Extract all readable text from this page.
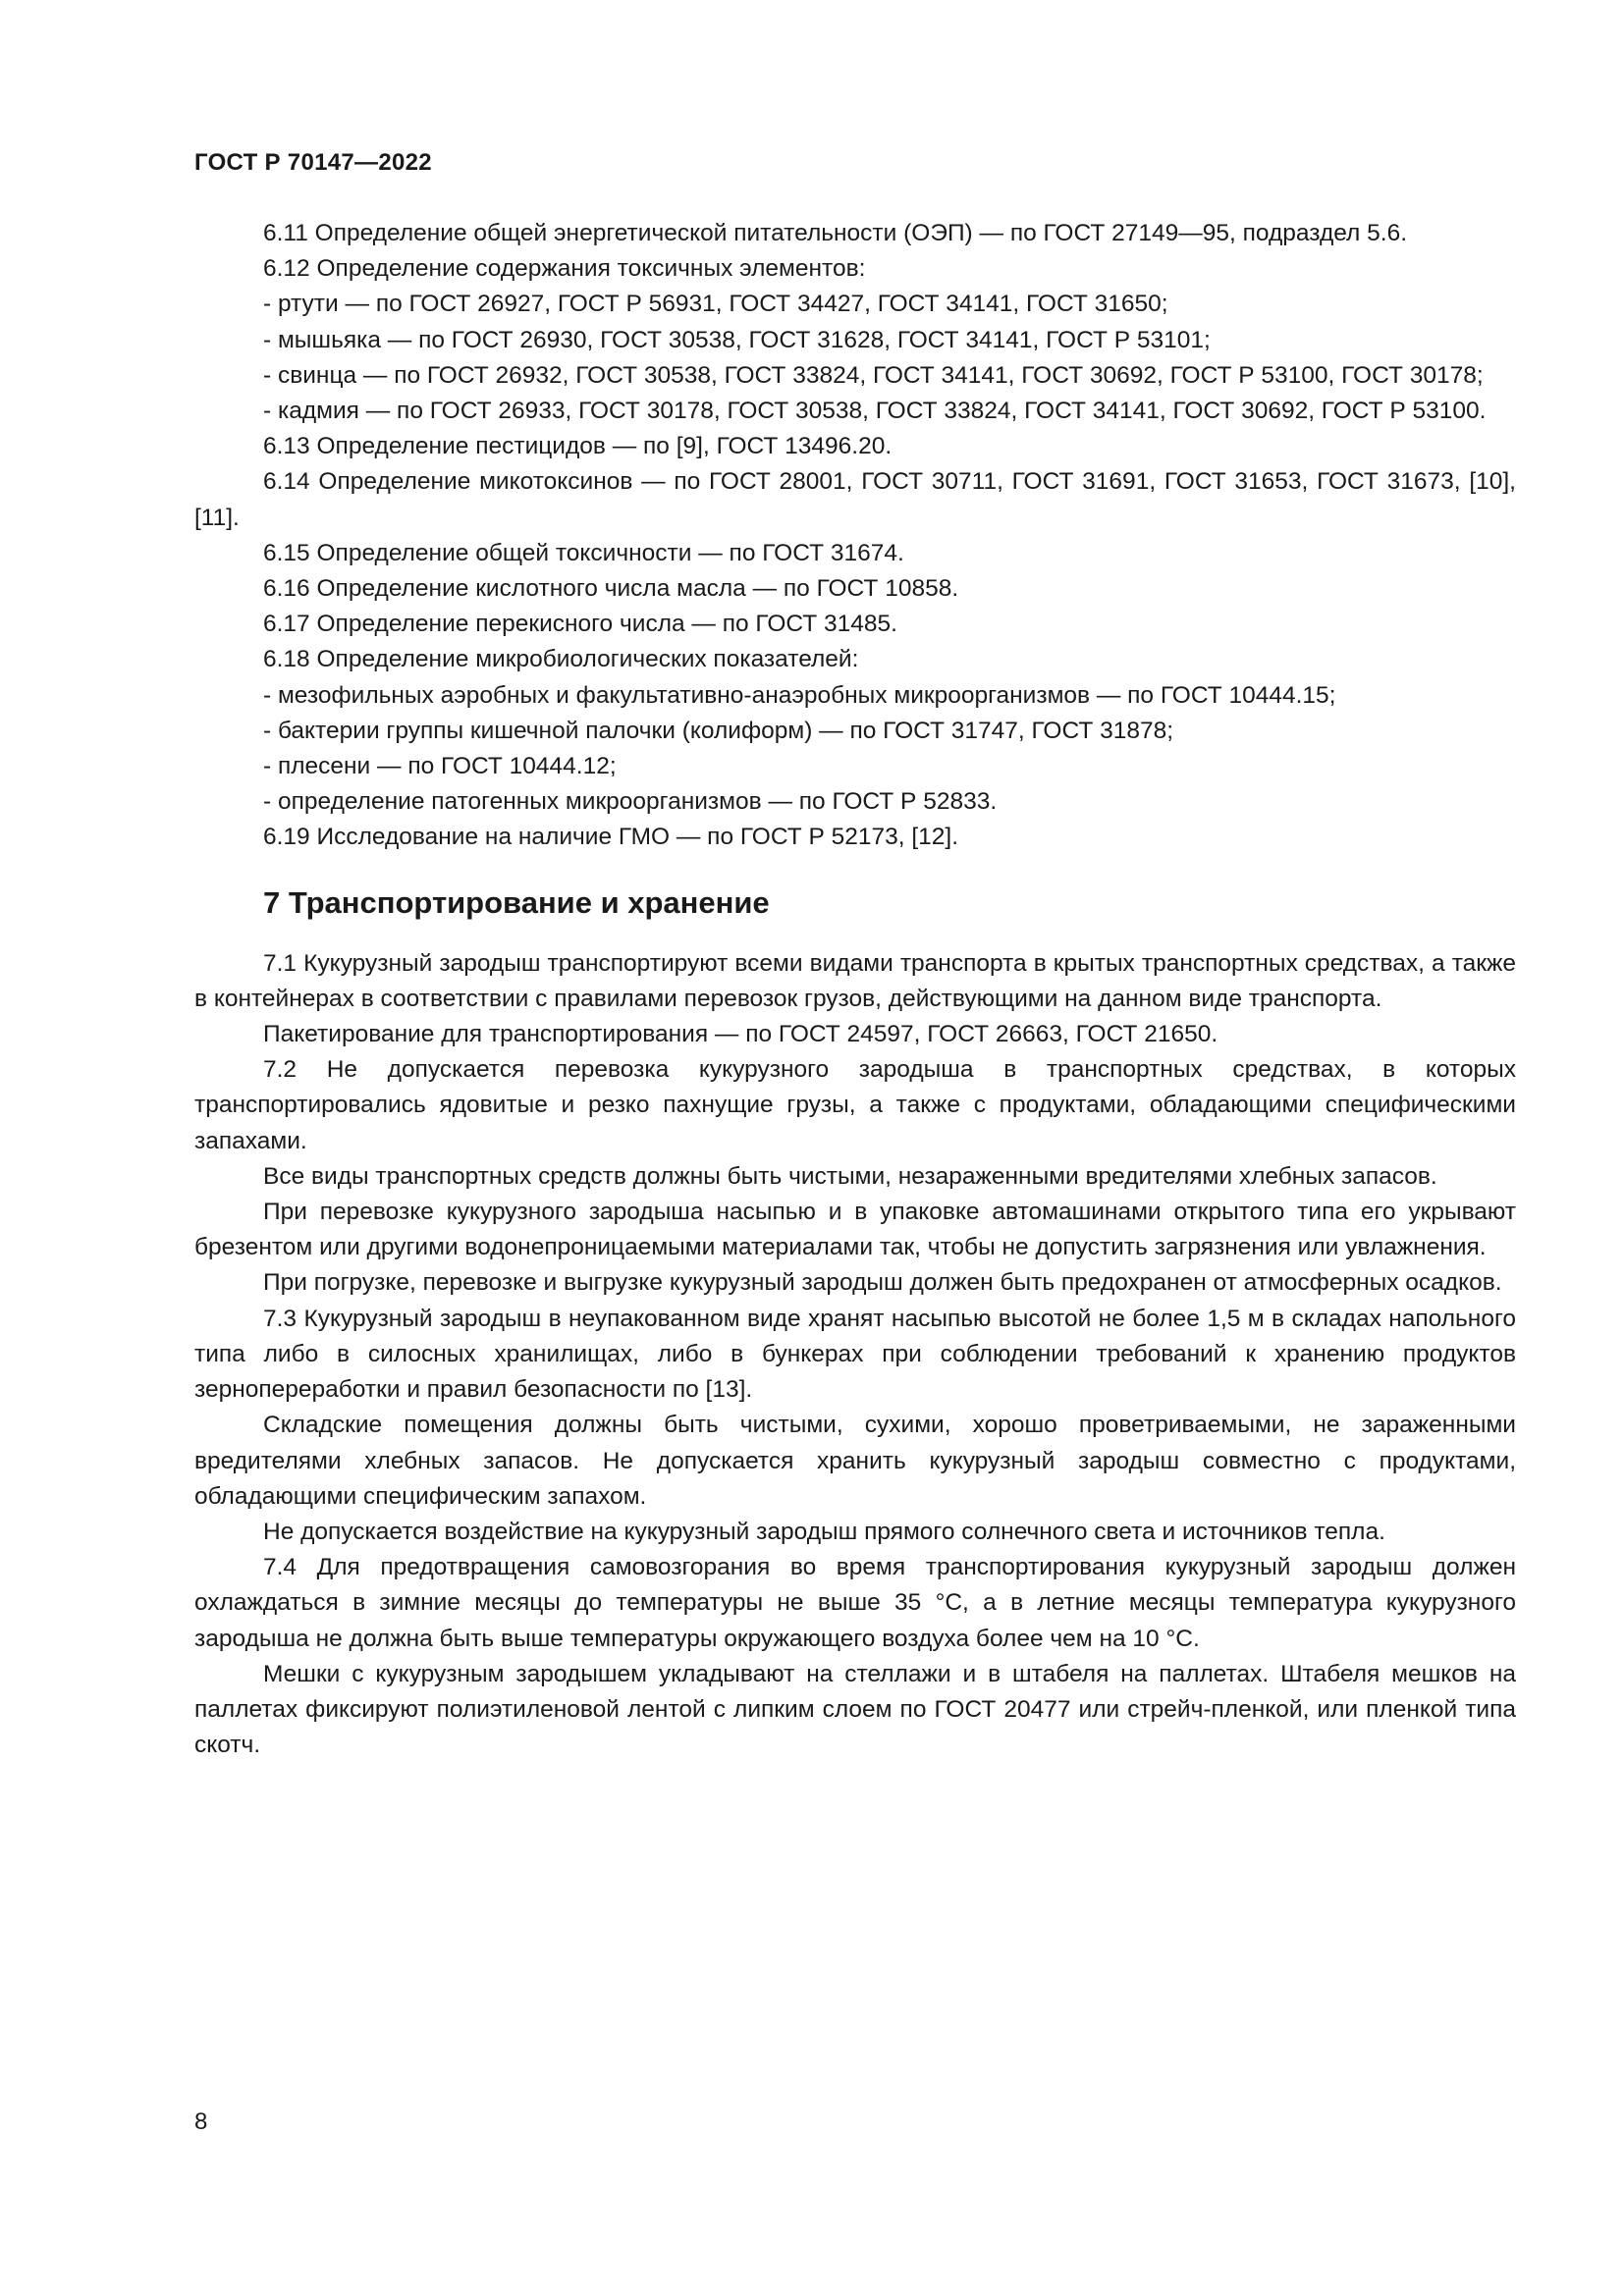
ГОСТ Р 70147—2022

6.11 Определение общей энергетической питательности (ОЭП) — по ГОСТ 27149—95, подраздел 5.6.

6.12 Определение содержания токсичных элементов:

- ртути — по ГОСТ 26927, ГОСТ Р 56931, ГОСТ 34427, ГОСТ 34141, ГОСТ 31650;

- мышьяка — по ГОСТ 26930, ГОСТ 30538, ГОСТ 31628, ГОСТ 34141, ГОСТ Р 53101;

- свинца — по ГОСТ 26932, ГОСТ 30538, ГОСТ 33824, ГОСТ 34141, ГОСТ 30692, ГОСТ Р 53100, ГОСТ 30178;

- кадмия — по ГОСТ 26933, ГОСТ 30178, ГОСТ 30538, ГОСТ 33824, ГОСТ 34141, ГОСТ 30692, ГОСТ Р 53100.

6.13 Определение пестицидов — по [9], ГОСТ 13496.20.

6.14 Определение микотоксинов — по ГОСТ 28001, ГОСТ 30711, ГОСТ 31691, ГОСТ 31653, ГОСТ 31673, [10], [11].

6.15 Определение общей токсичности — по ГОСТ 31674.

6.16 Определение кислотного числа масла — по ГОСТ 10858.

6.17 Определение перекисного числа — по ГОСТ 31485.

6.18 Определение микробиологических показателей:

- мезофильных аэробных и факультативно-анаэробных микроорганизмов — по ГОСТ 10444.15;

- бактерии группы кишечной палочки (колиформ) — по ГОСТ 31747, ГОСТ 31878;

- плесени — по ГОСТ 10444.12;

- определение патогенных микроорганизмов — по ГОСТ Р 52833.

6.19 Исследование на наличие ГМО — по ГОСТ Р 52173, [12].

7 Транспортирование и хранение

7.1 Кукурузный зародыш транспортируют всеми видами транспорта в крытых транспортных средствах, а также в контейнерах в соответствии с правилами перевозок грузов, действующими на данном виде транспорта.

Пакетирование для транспортирования — по ГОСТ 24597, ГОСТ 26663, ГОСТ 21650.

7.2 Не допускается перевозка кукурузного зародыша в транспортных средствах, в которых транспортировались ядовитые и резко пахнущие грузы, а также с продуктами, обладающими специфическими запахами.

Все виды транспортных средств должны быть чистыми, незараженными вредителями хлебных запасов.

При перевозке кукурузного зародыша насыпью и в упаковке автомашинами открытого типа его укрывают брезентом или другими водонепроницаемыми материалами так, чтобы не допустить загрязнения или увлажнения.

При погрузке, перевозке и выгрузке кукурузный зародыш должен быть предохранен от атмосферных осадков.

7.3 Кукурузный зародыш в неупакованном виде хранят насыпью высотой не более 1,5 м в складах напольного типа либо в силосных хранилищах, либо в бункерах при соблюдении требований к хранению продуктов зернопереработки и правил безопасности по [13].

Складские помещения должны быть чистыми, сухими, хорошо проветриваемыми, не зараженными вредителями хлебных запасов. Не допускается хранить кукурузный зародыш совместно с продуктами, обладающими специфическим запахом.

Не допускается воздействие на кукурузный зародыш прямого солнечного света и источников тепла.

7.4 Для предотвращения самовозгорания во время транспортирования кукурузный зародыш должен охлаждаться в зимние месяцы до температуры не выше 35 °С, а в летние месяцы температура кукурузного зародыша не должна быть выше температуры окружающего воздуха более чем на 10 °С.

Мешки с кукурузным зародышем укладывают на стеллажи и в штабеля на паллетах. Штабеля мешков на паллетах фиксируют полиэтиленовой лентой с липким слоем по ГОСТ 20477 или стрейч-пленкой, или пленкой типа скотч.

8
